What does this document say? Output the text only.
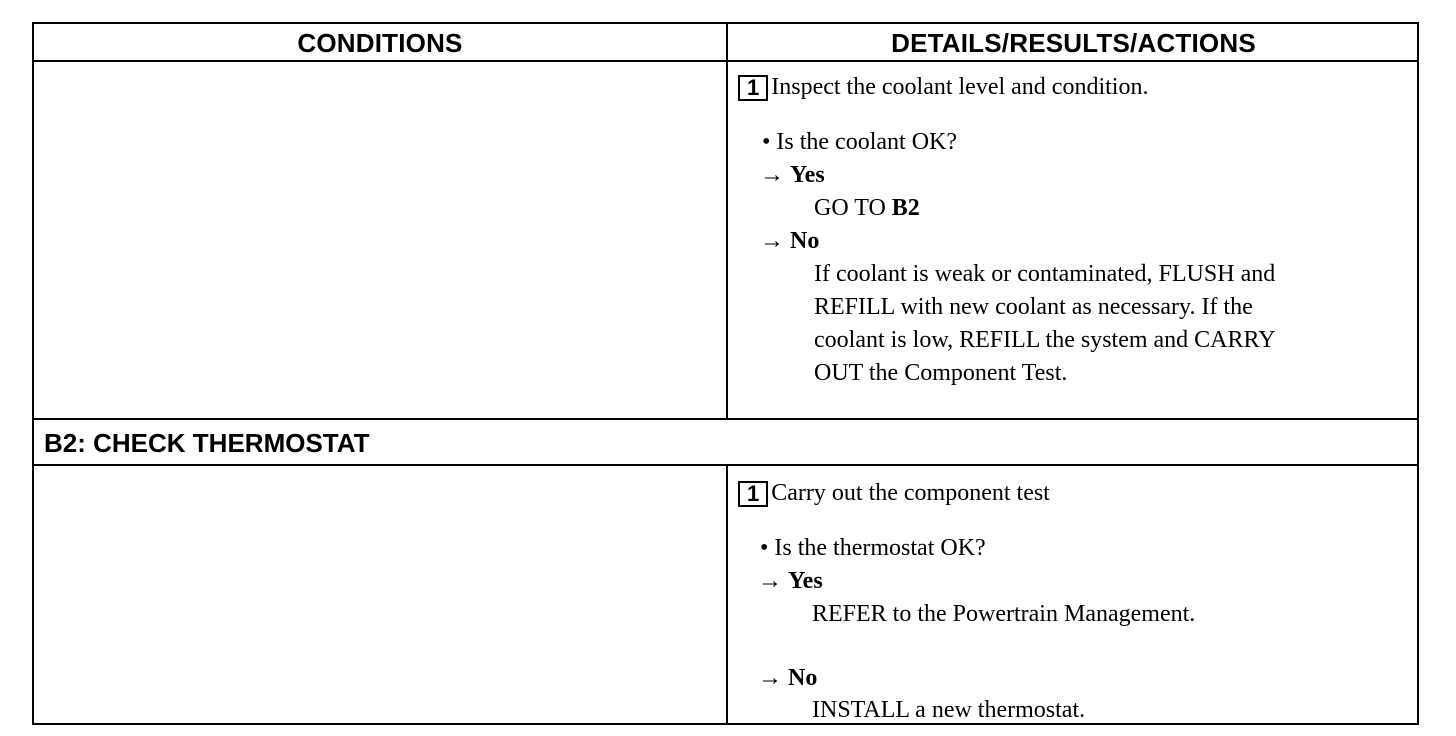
CONDITIONS	DETAILS/RESULTS/ACTIONS
1 Inspect the coolant level and condition.
• Is the coolant OK?
→ Yes
GO TO B2
→ No
If coolant is weak or contaminated, FLUSH and
REFILL with new coolant as necessary. If the
coolant is low, REFILL the system and CARRY
OUT the Component Test.
B2: CHECK THERMOSTAT
1 Carry out the component test
• Is the thermostat OK?
→ Yes
REFER to the Powertrain Management.
→ No
INSTALL a new thermostat.
